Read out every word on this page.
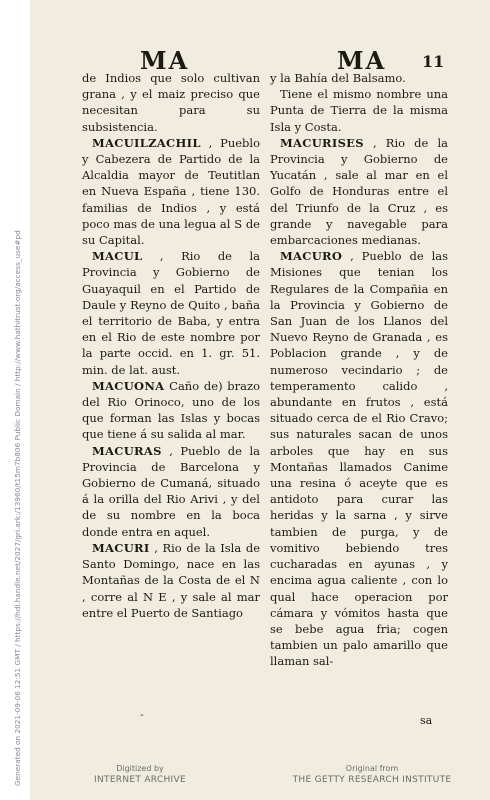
Generated on 2021-09-06 12:51 GMT / https://hdl.handle.net/2027/gri.ark:/13960/t15m7b806 Public Domain / http://www.hathitrust.org/access_use#pd
MA	MA 11

de Indios que solo cultivan grana , y el maiz preciso que necesitan para su subsistencia.

MACUILZACHIL , Pueblo y Cabezera de Partido de la Alcaldia mayor de Teutitlan en Nueva España , tiene 130. familias de Indios , y está poco mas de una legua al S de su Capital.

MACUL , Rio de la Provincia y Gobierno de Guayaquil en el Partido de Daule y Reyno de Quito , baña el territorio de Baba, y entra en el Rio de este nombre por la parte occid. en 1. gr. 51. min. de lat. aust.

MACUONA Caño de) brazo del Rio Orinoco, uno de los que forman las Islas y bocas que tiene á su salida al mar.

MACURAS , Pueblo de la Provincia de Barcelona y Gobierno de Cumaná, situado á la orilla del Rio Arivi , y del de su nombre en la boca donde entra en aquel.

MACURI , Rio de la Isla de Santo Domingo, nace en las Montañas de la Costa de el N , corre al N E , y sale al mar entre el Puerto de Santiago

y la Bahía del Balsamo.

Tiene el mismo nombre una Punta de Tierra de la misma Isla y Costa.

MACURISES , Rio de la Provincia y Gobierno de Yucatán , sale al mar en el Golfo de Honduras entre el del Triunfo de la Cruz , es grande y navegable para embarcaciones medianas.

MACURO , Pueblo de las Misiones que tenian los Regulares de la Compañia en la Provincia y Gobierno de San Juan de los Llanos del Nuevo Reyno de Granada , es Poblacion grande , y de numeroso vecindario ; de temperamento calido , abundante en frutos , está situado cerca de el Rio Cravo; sus naturales sacan de unos arboles que hay en sus Montañas llamados Canime una resina ó aceyte que es antidoto para curar las heridas y la sarna , y sirve tambien de purga, y de vomitivo bebiendo tres cucharadas en ayunas , y encima agua caliente , con lo qual hace operacion por cámara y vómitos hasta que se bebe agua fria; cogen tambien un palo amarillo que llaman sal-

-	sa
Digitized by
INTERNET ARCHIVE
Original from
THE GETTY RESEARCH INSTITUTE
